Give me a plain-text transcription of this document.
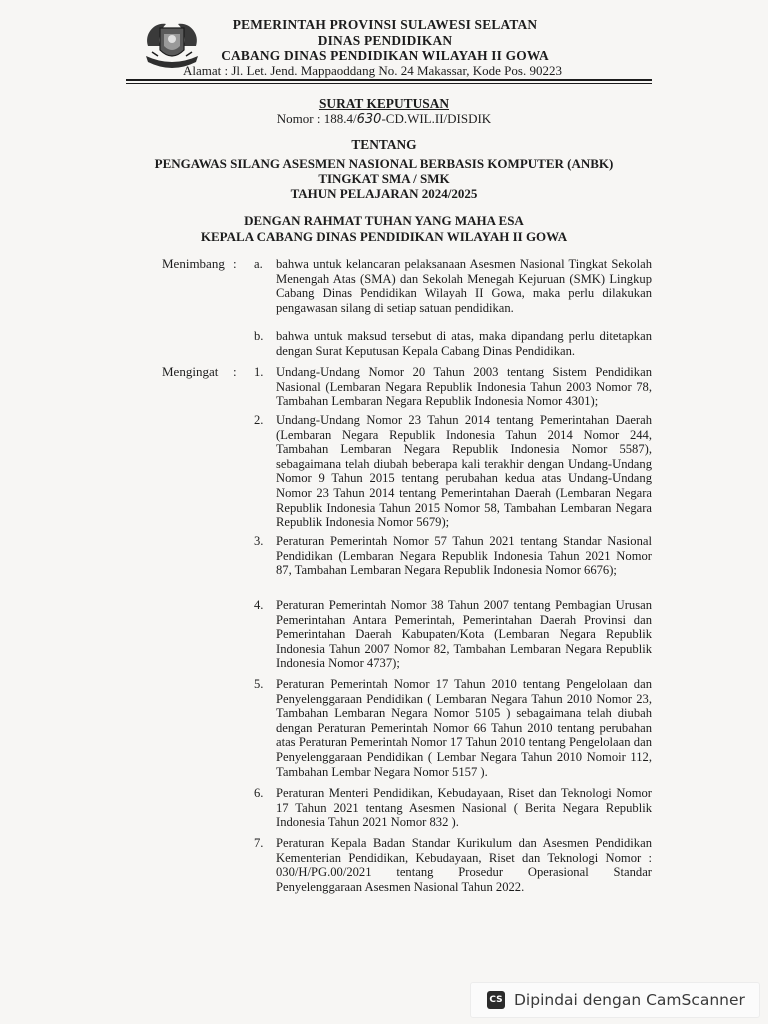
PEMERINTAH PROVINSI SULAWESI SELATAN
DINAS PENDIDIKAN
CABANG DINAS PENDIDIKAN WILAYAH II GOWA
Alamat : Jl. Let. Jend. Mappaoddang No. 24 Makassar, Kode Pos. 90223
SURAT KEPUTUSAN
Nomor : 188.4/630-CD.WIL.II/DISDIK
TENTANG
PENGAWAS SILANG ASESMEN NASIONAL BERBASIS KOMPUTER (ANBK)
TINGKAT SMA / SMK
TAHUN PELAJARAN 2024/2025
DENGAN RAHMAT TUHAN YANG MAHA ESA
KEPALA CABANG DINAS PENDIDIKAN WILAYAH II GOWA
Menimbang : a.	bahwa untuk kelancaran pelaksanaan Asesmen Nasional Tingkat Sekolah Menengah Atas (SMA) dan Sekolah Menegah Kejuruan (SMK) Lingkup Cabang Dinas Pendidikan Wilayah II Gowa, maka perlu dilakukan pengawasan silang di setiap satuan pendidikan.
b. bahwa untuk maksud tersebut di atas, maka dipandang perlu ditetapkan dengan Surat Keputusan Kepala Cabang Dinas Pendidikan.
Mengingat : 1. Undang-Undang Nomor 20 Tahun 2003 tentang Sistem Pendidikan Nasional (Lembaran Negara Republik Indonesia Tahun 2003 Nomor 78, Tambahan Lembaran Negara Republik Indonesia Nomor 4301);
2. Undang-Undang Nomor 23 Tahun 2014 tentang Pemerintahan Daerah (Lembaran Negara Republik Indonesia Tahun 2014 Nomor 244, Tambahan Lembaran Negara Republik Indonesia Nomor 5587), sebagaimana telah diubah beberapa kali terakhir dengan Undang-Undang Nomor 9 Tahun 2015 tentang perubahan kedua atas Undang-Undang Nomor 23 Tahun 2014 tentang Pemerintahan Daerah (Lembaran Negara Republik Indonesia Tahun 2015 Nomor 58, Tambahan Lembaran Negara Republik Indonesia Nomor 5679);
3. Peraturan Pemerintah Nomor 57 Tahun 2021 tentang Standar Nasional Pendidikan (Lembaran Negara Republik Indonesia Tahun 2021 Nomor 87, Tambahan Lembaran Negara Republik Indonesia Nomor 6676);
4. Peraturan Pemerintah Nomor 38 Tahun 2007 tentang Pembagian Urusan Pemerintahan Antara Pemerintah, Pemerintahan Daerah Provinsi dan Pemerintahan Daerah Kabupaten/Kota (Lembaran Negara Republik Indonesia Tahun 2007 Nomor 82, Tambahan Lembaran Negara Republik Indonesia Nomor 4737);
5. Peraturan Pemerintah Nomor 17 Tahun 2010 tentang Pengelolaan dan Penyelenggaraan Pendidikan ( Lembaran Negara Tahun 2010 Nomor 23, Tambahan Lembaran Negara Nomor 5105 ) sebagaimana telah diubah dengan Peraturan Pemerintah Nomor 66 Tahun 2010 tentang perubahan atas Peraturan Pemerintah Nomor 17 Tahun 2010 tentang Pengelolaan dan Penyelenggaraan Pendidikan ( Lembar Negara Tahun 2010 Nomoir 112, Tambahan Lembar Negara Nomor 5157 ).
6. Peraturan Menteri Pendidikan, Kebudayaan, Riset dan Teknologi Nomor 17 Tahun 2021 tentang Asesmen Nasional ( Berita Negara Republik Indonesia Tahun 2021 Nomor 832 ).
7. Peraturan Kepala Badan Standar Kurikulum dan Asesmen Pendidikan Kementerian Pendidikan, Kebudayaan, Riset dan Teknologi Nomor : 030/H/PG.00/2021 tentang Prosedur Operasional Standar Penyelenggaraan Asesmen Nasional Tahun 2022.
CS Dipindai dengan CamScanner
